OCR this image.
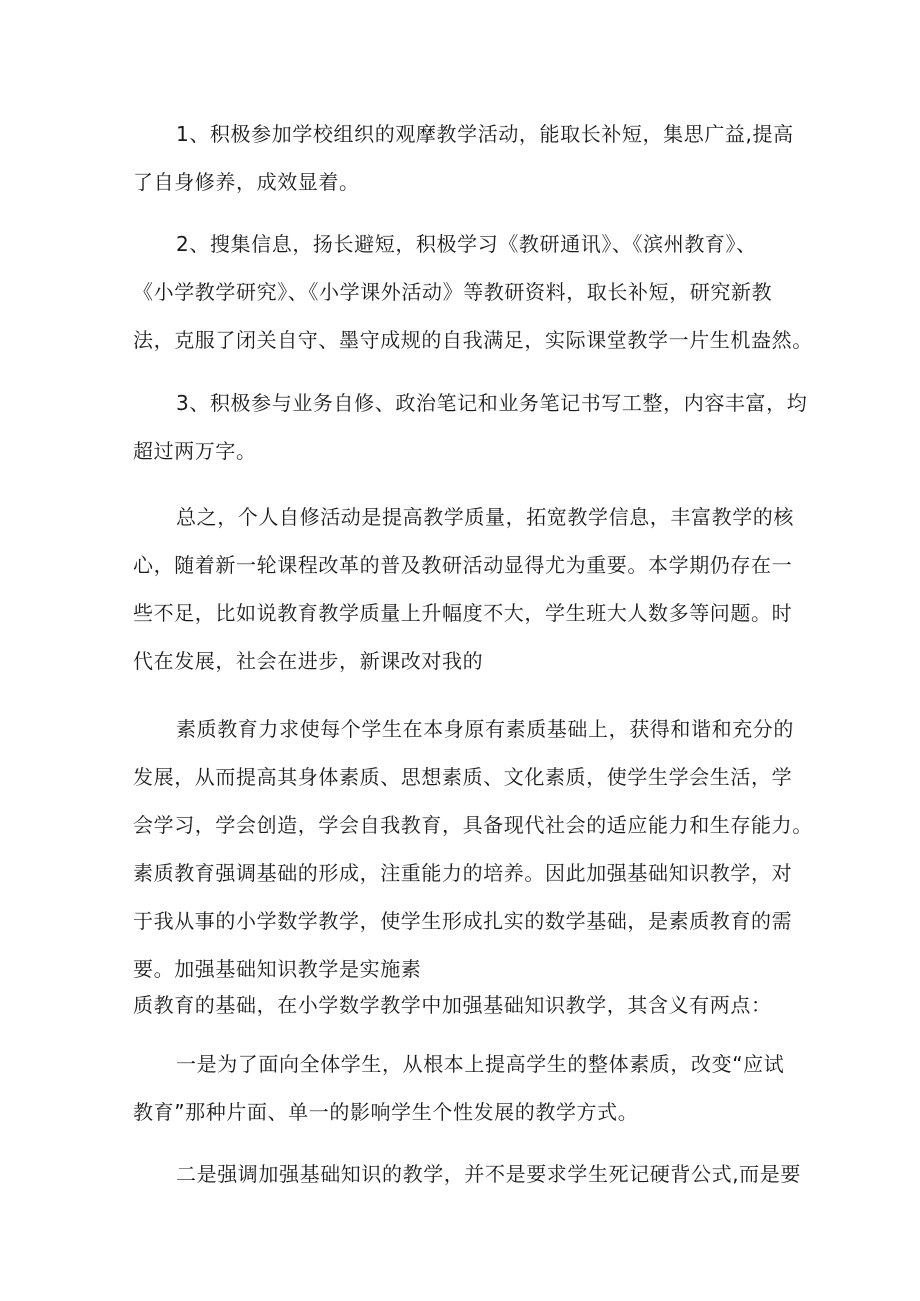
1、积极参加学校组织的观摩教学活动，能取长补短，集思广益,提高
了自身修养，成效显着。

2、搜集信息，扬长避短，积极学习《教研通讯》、《滨州教育》、
《小学教学研究》、《小学课外活动》等教研资料，取长补短，研究新教
法，克服了闭关自守、墨守成规的自我满足，实际课堂教学一片生机盎然。

3、积极参与业务自修、政治笔记和业务笔记书写工整，内容丰富，均
超过两万字。

总之，个人自修活动是提高教学质量，拓宽教学信息，丰富教学的核
心，随着新一轮课程改革的普及教研活动显得尤为重要。本学期仍存在一
些不足，比如说教育教学质量上升幅度不大，学生班大人数多等问题。时
代在发展，社会在进步，新课改对我的

素质教育力求使每个学生在本身原有素质基础上，获得和谐和充分的
发展，从而提高其身体素质、思想素质、文化素质，使学生学会生活，学
会学习，学会创造，学会自我教育，具备现代社会的适应能力和生存能力。
素质教育强调基础的形成，注重能力的培养。因此加强基础知识教学，对
于我从事的小学数学教学，使学生形成扎实的数学基础，是素质教育的需
要。加强基础知识教学是实施素

质教育的基础，在小学数学教学中加强基础知识教学，其含义有两点：

一是为了面向全体学生，从根本上提高学生的整体素质，改变“应试
教育”那种片面、单一的影响学生个性发展的教学方式。

二是强调加强基础知识的教学，并不是要求学生死记硬背公式,而是要
